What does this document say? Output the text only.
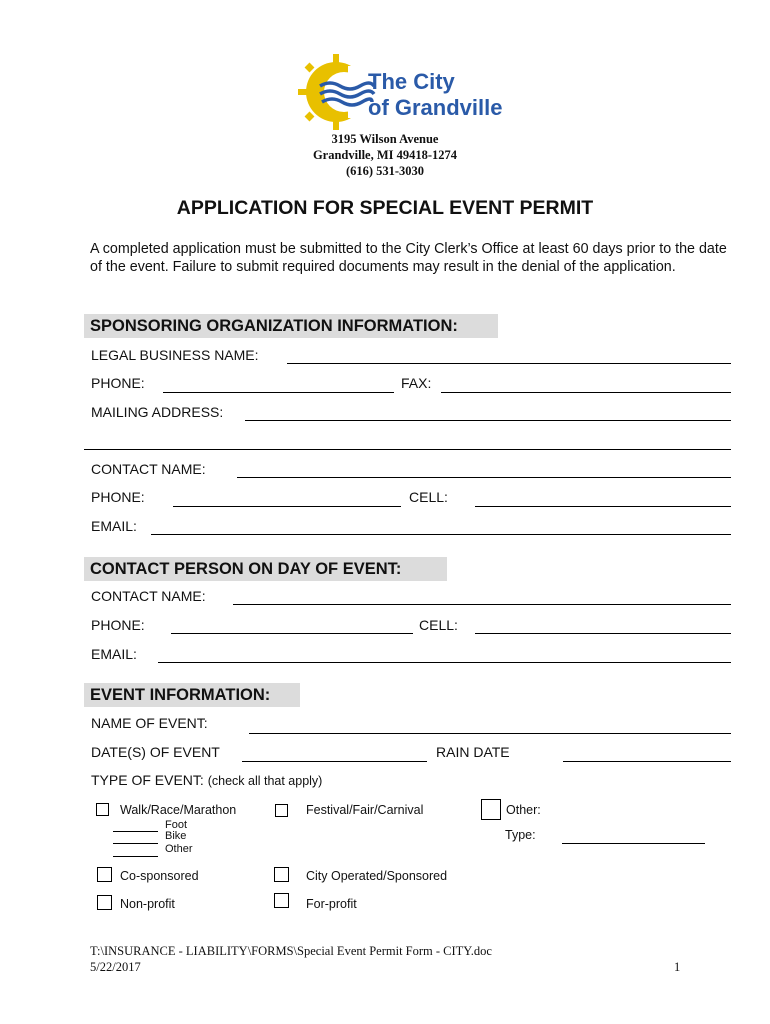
The City
of Grandville
3195 Wilson Avenue
Grandville, MI 49418-1274
(616) 531-3030
APPLICATION FOR SPECIAL EVENT PERMIT
A completed application must be submitted to the City Clerk’s Office at least 60 days prior to the date of the event. Failure to submit required documents may result in the denial of the application.
SPONSORING ORGANIZATION INFORMATION:
LEGAL BUSINESS NAME:
PHONE:	FAX:
MAILING ADDRESS:
CONTACT NAME:
PHONE:	CELL:
EMAIL:
CONTACT PERSON ON DAY OF EVENT:
CONTACT NAME:
PHONE:	CELL:
EMAIL:
EVENT INFORMATION:
NAME OF EVENT:
DATE(S) OF EVENT	RAIN DATE
TYPE OF EVENT: (check all that apply)
Walk/Race/Marathon
Foot
Bike
Other
Festival/Fair/Carnival	Other:
Type:
Co-sponsored	City Operated/Sponsored
Non-profit	For-profit
T:\INSURANCE - LIABILITY\FORMS\Special Event Permit Form - CITY.doc
5/22/2017	1
